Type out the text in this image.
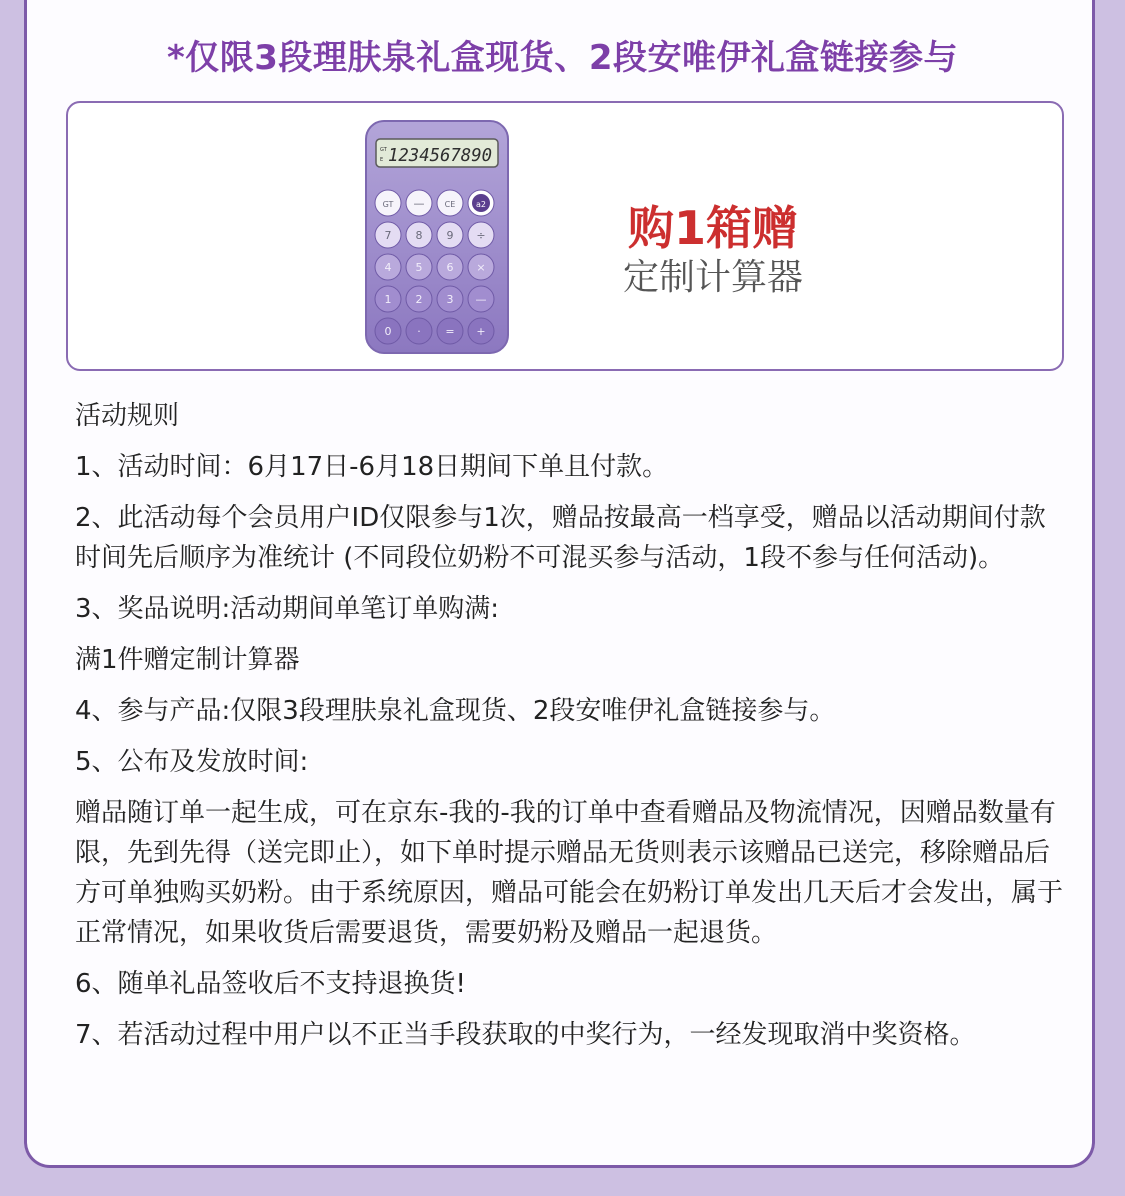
*仅限3段理肤泉礼盒现货、2段安唯伊礼盒链接参与
GT
E 1234567890
GT —	CE	a2
7 8 9 ÷
4 5 6 ×
1 2 3 —
0 · = +
购1箱赠
定制计算器

活动规则

1、活动时间：6月17日-6月18日期间下单且付款。

2、此活动每个会员用户ID仅限参与1次，赠品按最高一档享受，赠品以活动期间付款时间先后顺序为准统计 (不同段位奶粉不可混买参与活动，1段不参与任何活动)。

3、奖品说明:活动期间单笔订单购满:

满1件赠定制计算器

4、参与产品:仅限3段理肤泉礼盒现货、2段安唯伊礼盒链接参与。

5、公布及发放时间:

赠品随订单一起生成，可在京东-我的-我的订单中查看赠品及物流情况，因赠品数量有限，先到先得（送完即止），如下单时提示赠品无货则表示该赠品已送完，移除赠品后方可单独购买奶粉。由于系统原因，赠品可能会在奶粉订单发出几天后才会发出，属于正常情况，如果收货后需要退货，需要奶粉及赠品一起退货。

6、随单礼品签收后不支持退换货!

7、若活动过程中用户以不正当手段获取的中奖行为，一经发现取消中奖资格。
